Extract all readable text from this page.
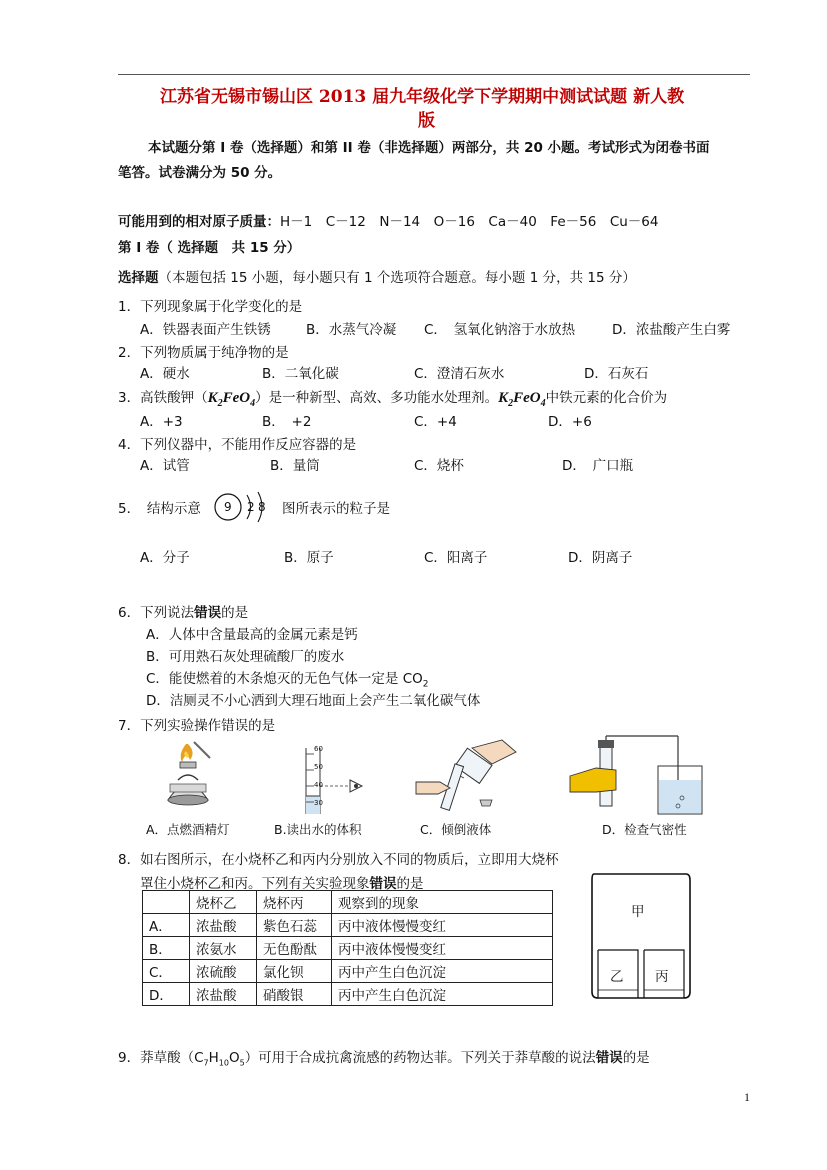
江苏省无锡市锡山区 2013 届九年级化学下学期期中测试试题 新人教
版
本试题分第 I 卷（选择题）和第 II 卷（非选择题）两部分，共 20 小题。考试形式为闭卷书面
笔答。试卷满分为 50 分。
可能用到的相对原子质量：H－1　C－12　N－14　O－16　Ca－40　Fe－56　Cu－64
第 I 卷（ 选择题　共 15 分）
选择题（本题包括 15 小题，每小题只有 1 个选项符合题意。每小题 1 分，共 15 分）
1．下列现象属于化学变化的是
A．铁器表面产生铁锈	B．水蒸气冷凝 C．　氢氧化钠溶于水放热	D．浓盐酸产生白雾
2．下列物质属于纯净物的是
A．硬水	B．二氧化碳	C．澄清石灰水	D．石灰石
3．高铁酸钾$(K_2FeO_4)$是一种新型、高效、多功能水处理剂。$K_2FeO_4$中铁元素的化合价为
A．+3	B．　+2	C．+4	D．+6
4．下列仪器中，不能用作反应容器的是
A．试管	B．量筒	C．烧杯	D．　广口瓶
5．　结构示意 9 2 8 图所表示的粒子是
A．分子	B．原子	C．阳离子	D．阴离子
6．下列说法错误的是
A．人体中含量最高的金属元素是钙
B．可用熟石灰处理硫酸厂的废水
C．能使燃着的木条熄灭的无色气体一定是 $CO_2$
D．洁厕灵不小心洒到大理石地面上会产生二氧化碳气体
7．下列实验操作错误的是
60
50
40
30
A．点燃酒精灯	B.读出水的体积	C．倾倒液体	D．检查气密性
8．如右图所示，在小烧杯乙和丙内分别放入不同的物质后，立即用大烧杯
罩住小烧杯乙和丙。下列有关实验现象错误的是
	烧杯乙	烧杯丙	观察到的现象
A．	浓盐酸	紫色石蕊	丙中液体慢慢变红
B．	浓氨水	无色酚酞	丙中液体慢慢变红
C．	浓硫酸	氯化钡	丙中产生白色沉淀
D．	浓盐酸	硝酸银	丙中产生白色沉淀
甲
乙 丙
9．莽草酸$(C_7H_{10}O_5)$可用于合成抗禽流感的药物达菲。下列关于莽草酸的说法错误的是
1
